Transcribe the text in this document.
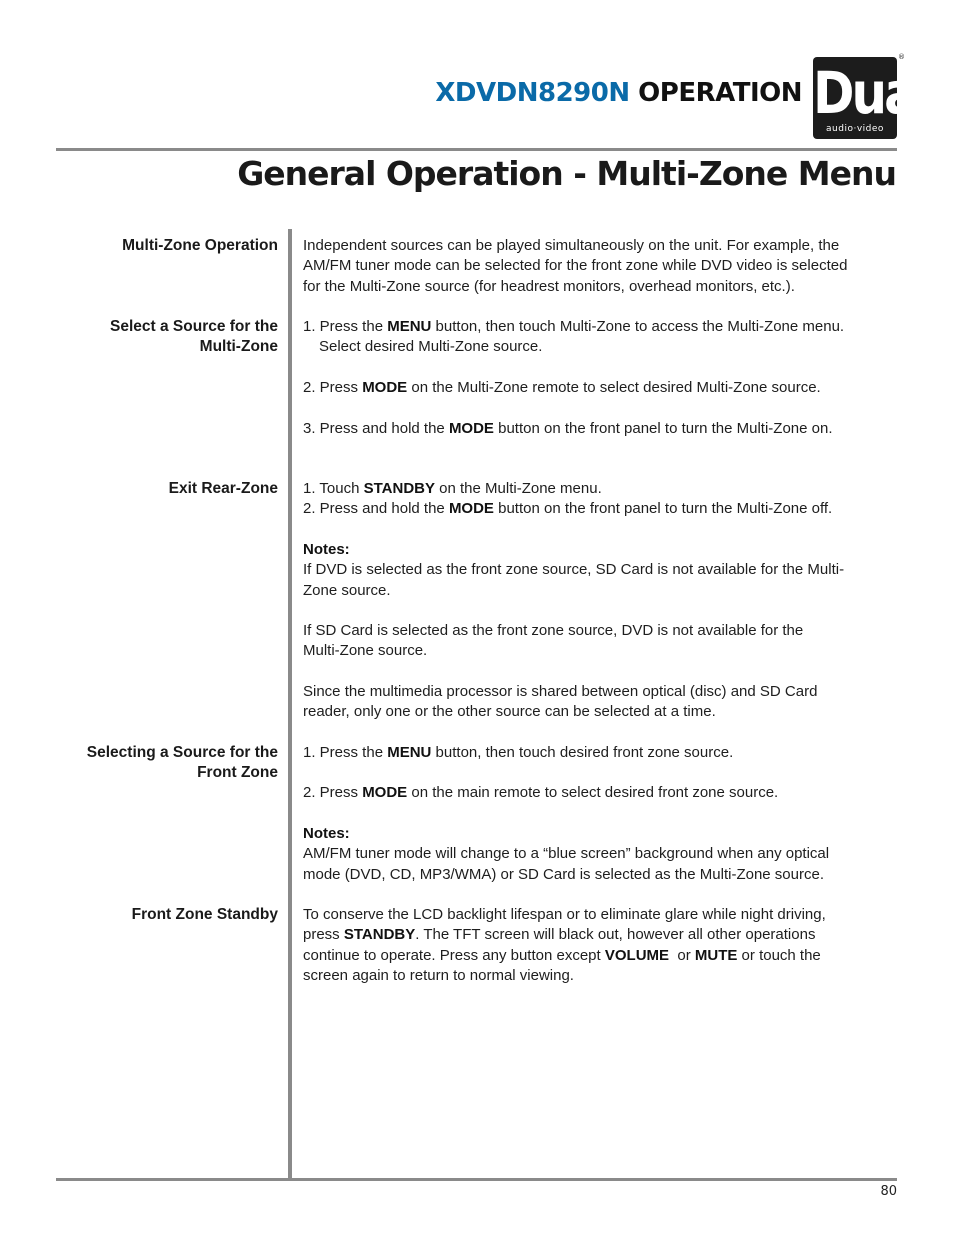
XDVDN8290N OPERATION Dual
audio·video
®
General Operation - Multi-Zone Menu
Multi-Zone Operation
Select a Source for the
Multi-Zone
Exit Rear-Zone
Selecting a Source for the
Front Zone
Front Zone Standby
Independent sources can be played simultaneously on the unit. For example, the
AM/FM tuner mode can be selected for the front zone while DVD video is selected
for the Multi-Zone source (for headrest monitors, overhead monitors, etc.).
1. Press the MENU button, then touch Multi-Zone to access the Multi-Zone menu.
Select desired Multi-Zone source.
2. Press MODE on the Multi-Zone remote to select desired Multi-Zone source.
3. Press and hold the MODE button on the front panel to turn the Multi-Zone on.
1. Touch STANDBY on the Multi-Zone menu.
2. Press and hold the MODE button on the front panel to turn the Multi-Zone off.
Notes:
If DVD is selected as the front zone source, SD Card is not available for the Multi-
Zone source.
If SD Card is selected as the front zone source, DVD is not available for the
Multi-Zone source.
Since the multimedia processor is shared between optical (disc) and SD Card
reader, only one or the other source can be selected at a time.
1. Press the MENU button, then touch desired front zone source.
2. Press MODE on the main remote to select desired front zone source.
Notes:
AM/FM tuner mode will change to a “blue screen” background when any optical
mode (DVD, CD, MP3/WMA) or SD Card is selected as the Multi-Zone source.
To conserve the LCD backlight lifespan or to eliminate glare while night driving,
press STANDBY. The TFT screen will black out, however all other operations
continue to operate. Press any button except VOLUME  or MUTE or touch the
screen again to return to normal viewing.
80
